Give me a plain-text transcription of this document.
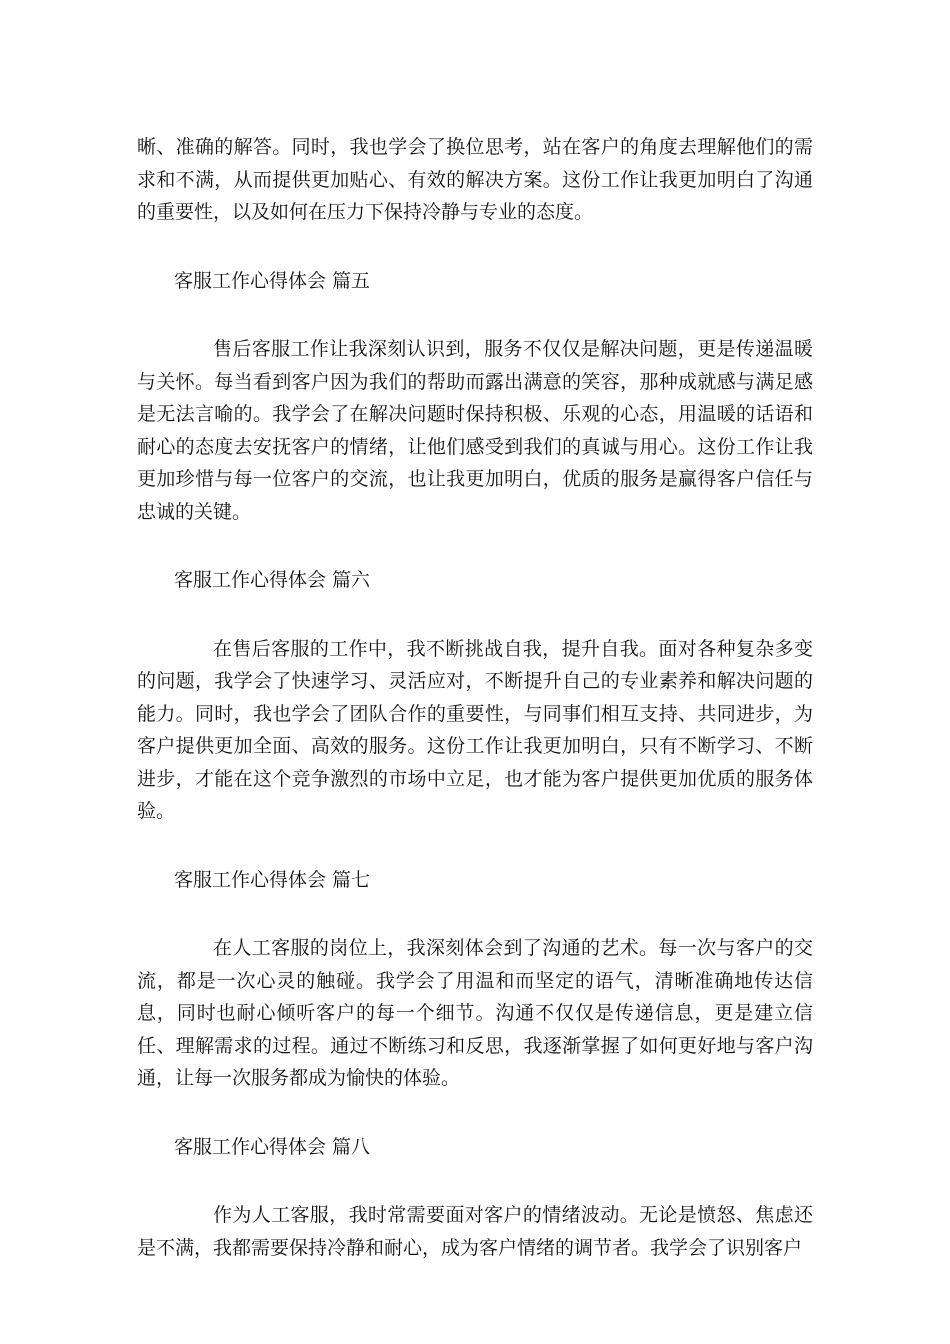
晰、准确的解答。同时，我也学会了换位思考，站在客户的角度去理解他们的需求和不满，从而提供更加贴心、有效的解决方案。这份工作让我更加明白了沟通的重要性，以及如何在压力下保持冷静与专业的态度。

客服工作心得体会 篇五

售后客服工作让我深刻认识到，服务不仅仅是解决问题，更是传递温暖与关怀。每当看到客户因为我们的帮助而露出满意的笑容，那种成就感与满足感是无法言喻的。我学会了在解决问题时保持积极、乐观的心态，用温暖的话语和耐心的态度去安抚客户的情绪，让他们感受到我们的真诚与用心。这份工作让我更加珍惜与每一位客户的交流，也让我更加明白，优质的服务是赢得客户信任与忠诚的关键。

客服工作心得体会 篇六

在售后客服的工作中，我不断挑战自我，提升自我。面对各种复杂多变的问题，我学会了快速学习、灵活应对，不断提升自己的专业素养和解决问题的能力。同时，我也学会了团队合作的重要性，与同事们相互支持、共同进步，为客户提供更加全面、高效的服务。这份工作让我更加明白，只有不断学习、不断进步，才能在这个竞争激烈的市场中立足，也才能为客户提供更加优质的服务体验。

客服工作心得体会 篇七

在人工客服的岗位上，我深刻体会到了沟通的艺术。每一次与客户的交流，都是一次心灵的触碰。我学会了用温和而坚定的语气，清晰准确地传达信息，同时也耐心倾听客户的每一个细节。沟通不仅仅是传递信息，更是建立信任、理解需求的过程。通过不断练习和反思，我逐渐掌握了如何更好地与客户沟通，让每一次服务都成为愉快的体验。

客服工作心得体会 篇八

作为人工客服，我时常需要面对客户的情绪波动。无论是愤怒、焦虑还是不满，我都需要保持冷静和耐心，成为客户情绪的调节者。我学会了识别客户
